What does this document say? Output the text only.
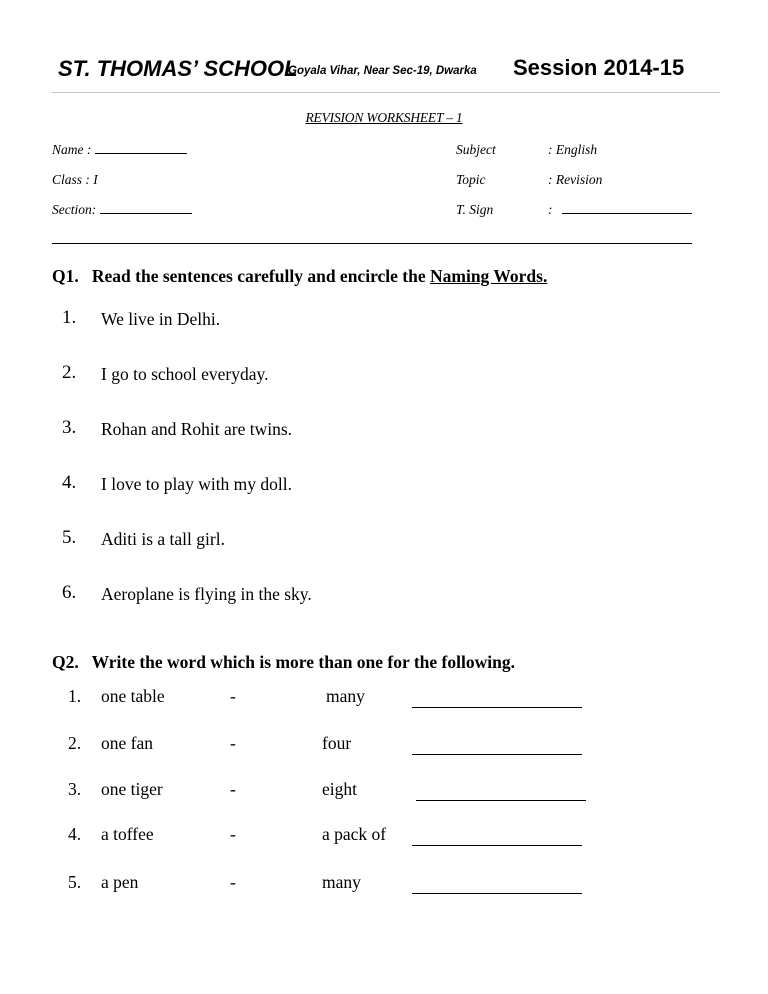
ST. THOMAS’ SCHOOL
Goyala Vihar, Near Sec-19, Dwarka Session 2014-15
REVISION WORKSHEET – 1
Name :
Class : I
Section:
Subject	: English
Topic	: Revision
T. Sign	:
Q1. Read the sentences carefully and encircle the Naming Words.
1. We live in Delhi.
2. I go to school everyday.
3. Rohan and Rohit are twins.
4. I love to play with my doll.
5. Aditi is a tall girl.
6. Aeroplane is flying in the sky.
Q2. Write the word which is more than one for the following.
1. one table	-	many
2. one fan	-	four
3. one tiger	-	eight
4. a toffee	-	a pack of
5. a pen	-	many
